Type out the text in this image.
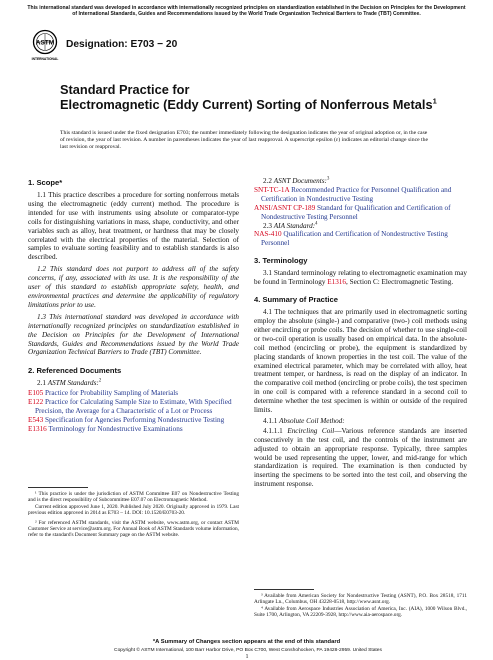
This international standard was developed in accordance with internationally recognized principles on standardization established in the Decision on Principles for the Development of International Standards, Guides and Recommendations issued by the World Trade Organization Technical Barriers to Trade (TBT) Committee.
ASTM
INTERNATIONAL
Designation: E703 − 20
Standard Practice for
Electromagnetic (Eddy Current) Sorting of Nonferrous Metals$^1$
This standard is issued under the fixed designation E703; the number immediately following the designation indicates the year of original adoption or, in the case of revision, the year of last revision. A number in parentheses indicates the year of last reapproval. A superscript epsilon (ε) indicates an editorial change since the last revision or reapproval.

1. Scope*

1.1 This practice describes a procedure for sorting nonferrous metals using the electromagnetic (eddy current) method. The procedure is intended for use with instruments using absolute or comparator-type coils for distinguishing variations in mass, shape, conductivity, and other variables such as alloy, heat treatment, or hardness that may be closely correlated with the electrical properties of the material. Selection of samples to evaluate sorting feasibility and to establish standards is also described.

1.2 This standard does not purport to address all of the safety concerns, if any, associated with its use. It is the responsibility of the user of this standard to establish appropriate safety, health, and environmental practices and determine the applicability of regulatory limitations prior to use.

1.3 This international standard was developed in accordance with internationally recognized principles on standardization established in the Decision on Principles for the Development of International Standards, Guides and Recommendations issued by the World Trade Organization Technical Barriers to Trade (TBT) Committee.

2. Referenced Documents

2.1 ASTM Standards:$^2$

E105 Practice for Probability Sampling of Materials
E122 Practice for Calculating Sample Size to Estimate, With Specified Precision, the Average for a Characteristic of a Lot or Process
E543 Specification for Agencies Performing Nondestructive Testing
E1316 Terminology for Nondestructive Examinations

¹ This practice is under the jurisdiction of ASTM Committee E07 on Nondestructive Testing and is the direct responsibility of Subcommittee E07.07 on Electromagnetic Method.

Current edition approved June 1, 2020. Published July 2020. Originally approved in 1979. Last previous edition approved in 2014 as E703 – 14. DOI: 10.1520/E0703-20.

² For referenced ASTM standards, visit the ASTM website, www.astm.org, or contact ASTM Customer Service at service@astm.org. For Annual Book of ASTM Standards volume information, refer to the standard's Document Summary page on the ASTM website.

2.2 ASNT Documents:$^3$

SNT-TC-1A Recommended Practice for Personnel Qualification and Certification in Nondestructive Testing
ANSI/ASNT CP-189 Standard for Qualification and Certification of Nondestructive Testing Personnel

2.3 AIA Standard:$^4$

NAS-410 Qualification and Certification of Nondestructive Testing Personnel

3. Terminology

3.1 Standard terminology relating to electromagnetic examination may be found in Terminology E1316, Section C: Electromagnetic Testing.

4. Summary of Practice

4.1 The techniques that are primarily used in electromagnetic sorting employ the absolute (single-) and comparative (two-) coil methods using either encircling or probe coils. The decision of whether to use single-coil or two-coil operation is usually based on empirical data. In the absolute-coil method (encircling or probe), the equipment is standardized by placing standards of known properties in the test coil. The value of the examined electrical parameter, which may be correlated with alloy, heat treatment temper, or hardness, is read on the display of an indicator. In the comparative coil method (encircling or probe coils), the test specimen in one coil is compared with a reference standard in a second coil to determine whether the test specimen is within or outside of the required limits.

4.1.1 Absolute Coil Method:

4.1.1.1 Encircling Coil—Various reference standards are inserted consecutively in the test coil, and the controls of the instrument are adjusted to obtain an appropriate response. Typically, three samples would be used representing the upper, lower, and mid-range for which standardization is required. The examination is then conducted by inserting the specimens to be sorted into the test coil, and observing the instrument response.

³ Available from American Society for Nondestructive Testing (ASNT), P.O. Box 28518, 1711 Arlingate Ln., Columbus, OH 43228-0518, http://www.asnt.org.

⁴ Available from Aerospace Industries Association of America, Inc. (AIA), 1000 Wilson Blvd., Suite 1700, Arlington, VA 22209-3928, http://www.aia-aerospace.org.

*A Summary of Changes section appears at the end of this standard
Copyright © ASTM International, 100 Barr Harbor Drive, PO Box C700, West Conshohocken, PA 19428-2959. United States
1
